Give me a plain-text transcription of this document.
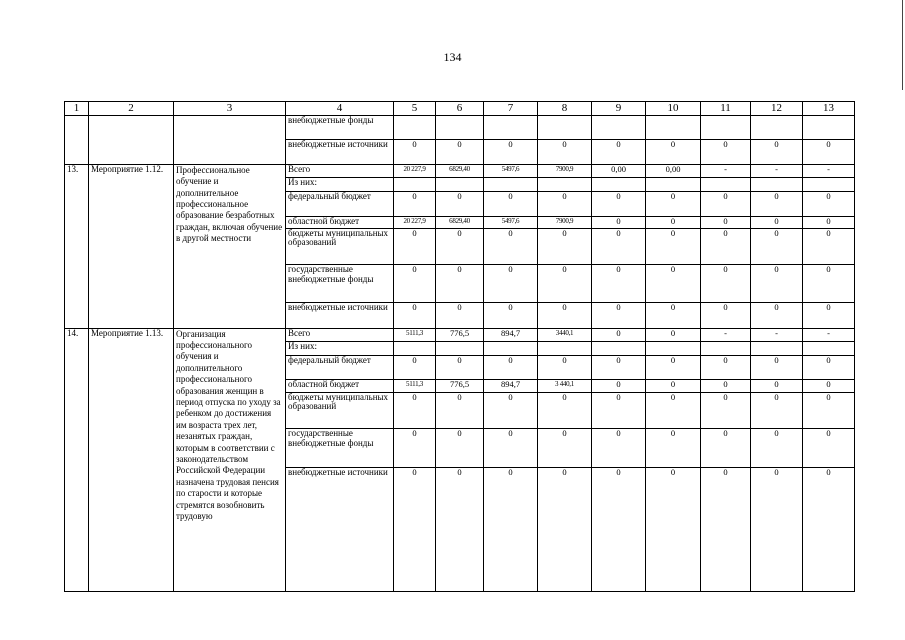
134
1	2	3	4	5	6	7	8	9	10	11	12	13
			внебюджетные фонды									
			внебюджетные источники	0	0	0	0	0	0	0	0	0
13.	Мероприятие 1.12.	Профессиональное обучение и дополнительное профессиональное образование безработных граждан, включая обучение в другой местности	Всего	20 227,9	6829,40	5497,6	7900,9	0,00	0,00	-	-	-
			Из них:									
			федеральный бюджет	0	0	0	0	0	0	0	0	0
			областной бюджет	20 227,9	6829,40	5497,6	7900,9	0	0	0	0	0
			бюджеты муниципальных образований	0	0	0	0	0	0	0	0	0
			государственные внебюджетные фонды	0	0	0	0	0	0	0	0	0
			внебюджетные источники	0	0	0	0	0	0	0	0	0
14.	Мероприятие 1.13.	Организация профессионального обучения и дополнительного профессионального образования женщин в период отпуска по уходу за ребенком до достижения им возраста трех лет, незанятых граждан, которым в соответствии с законодательством Российской Федерации назначена трудовая пенсия по старости и которые стремятся возобновить трудовую	Всего	5111,3	776,5	894,7	3440,1	0	0	-	-	-
			Из них:									
			федеральный бюджет	0	0	0	0	0	0	0	0	0
			областной бюджет	5111,3	776,5	894,7	3 440,1	0	0	0	0	0
			бюджеты муниципальных образований	0	0	0	0	0	0	0	0	0
			государственные внебюджетные фонды	0	0	0	0	0	0	0	0	0
			внебюджетные источники	0	0	0	0	0	0	0	0	0
